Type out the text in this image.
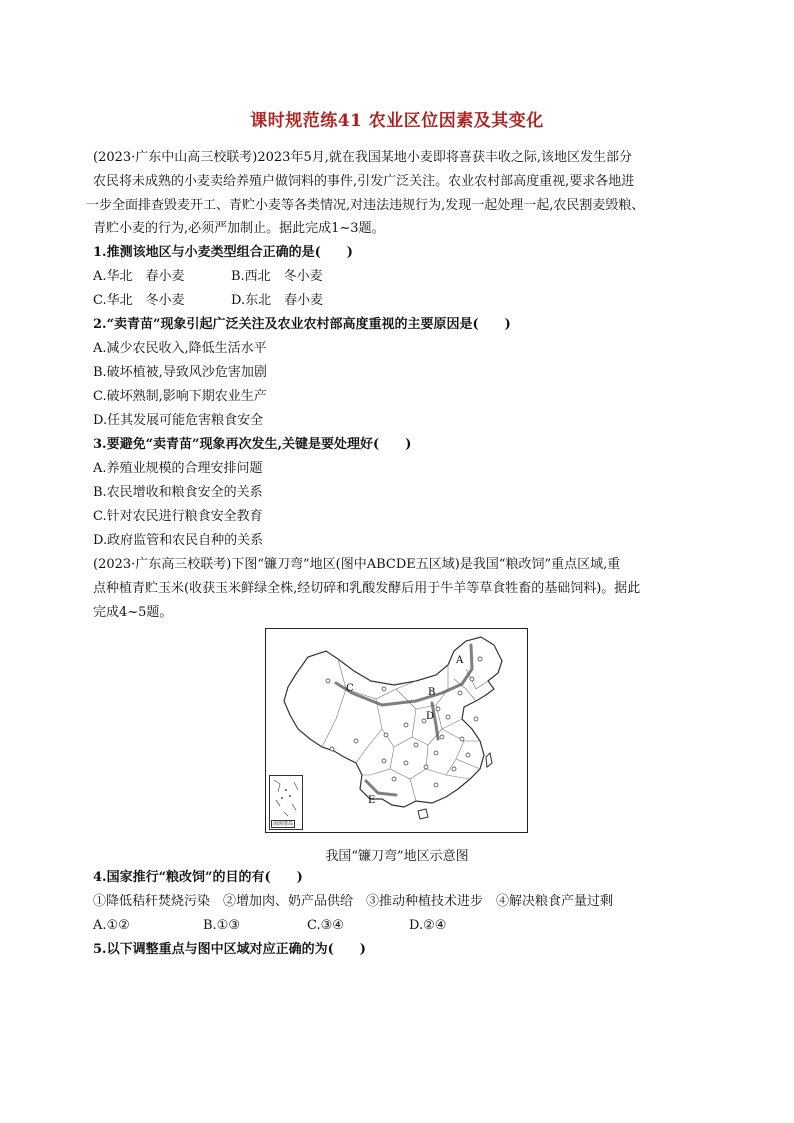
课时规范练41 农业区位因素及其变化
(2023·广东中山高三校联考)2023年5月,就在我国某地小麦即将喜获丰收之际,该地区发生部分
农民将未成熟的小麦卖给养殖户做饲料的事件,引发广泛关注。农业农村部高度重视,要求各地进
一步全面排查毁麦开工、青贮小麦等各类情况,对违法违规行为,发现一起处理一起,农民割麦毁粮、
青贮小麦的行为,必须严加制止。据此完成1~3题。
1.推测该地区与小麦类型组合正确的是(　　)
A.华北　春小麦	B.西北　冬小麦
C.华北　冬小麦	D.东北　春小麦
2.“卖青苗”现象引起广泛关注及农业农村部高度重视的主要原因是(　　)
A.减少农民收入,降低生活水平
B.破坏植被,导致风沙危害加剧
C.破坏熟制,影响下期农业生产
D.任其发展可能危害粮食安全
3.要避免“卖青苗”现象再次发生,关键是要处理好(　　)
A.养殖业规模的合理安排问题
B.农民增收和粮食安全的关系
C.针对农民进行粮食安全教育
D.政府监管和农民自种的关系
(2023·广东高三校联考)下图“镰刀弯”地区(图中ABCDE五区域)是我国“粮改饲”重点区域,重
点种植青贮玉米(收获玉米鲜绿全株,经切碎和乳酸发酵后用于牛羊等草食牲畜的基础饲料)。据此
完成4~5题。
A
B
C
D
E
南海诸岛
我国“镰刀弯”地区示意图
4.国家推行“粮改饲”的目的有(　　)
①降低秸秆焚烧污染　②增加肉、奶产品供给　③推动种植技术进步　④解决粮食产量过剩
A.①②	B.①③	C.③④	D.②④
5.以下调整重点与图中区域对应正确的为(　　)
